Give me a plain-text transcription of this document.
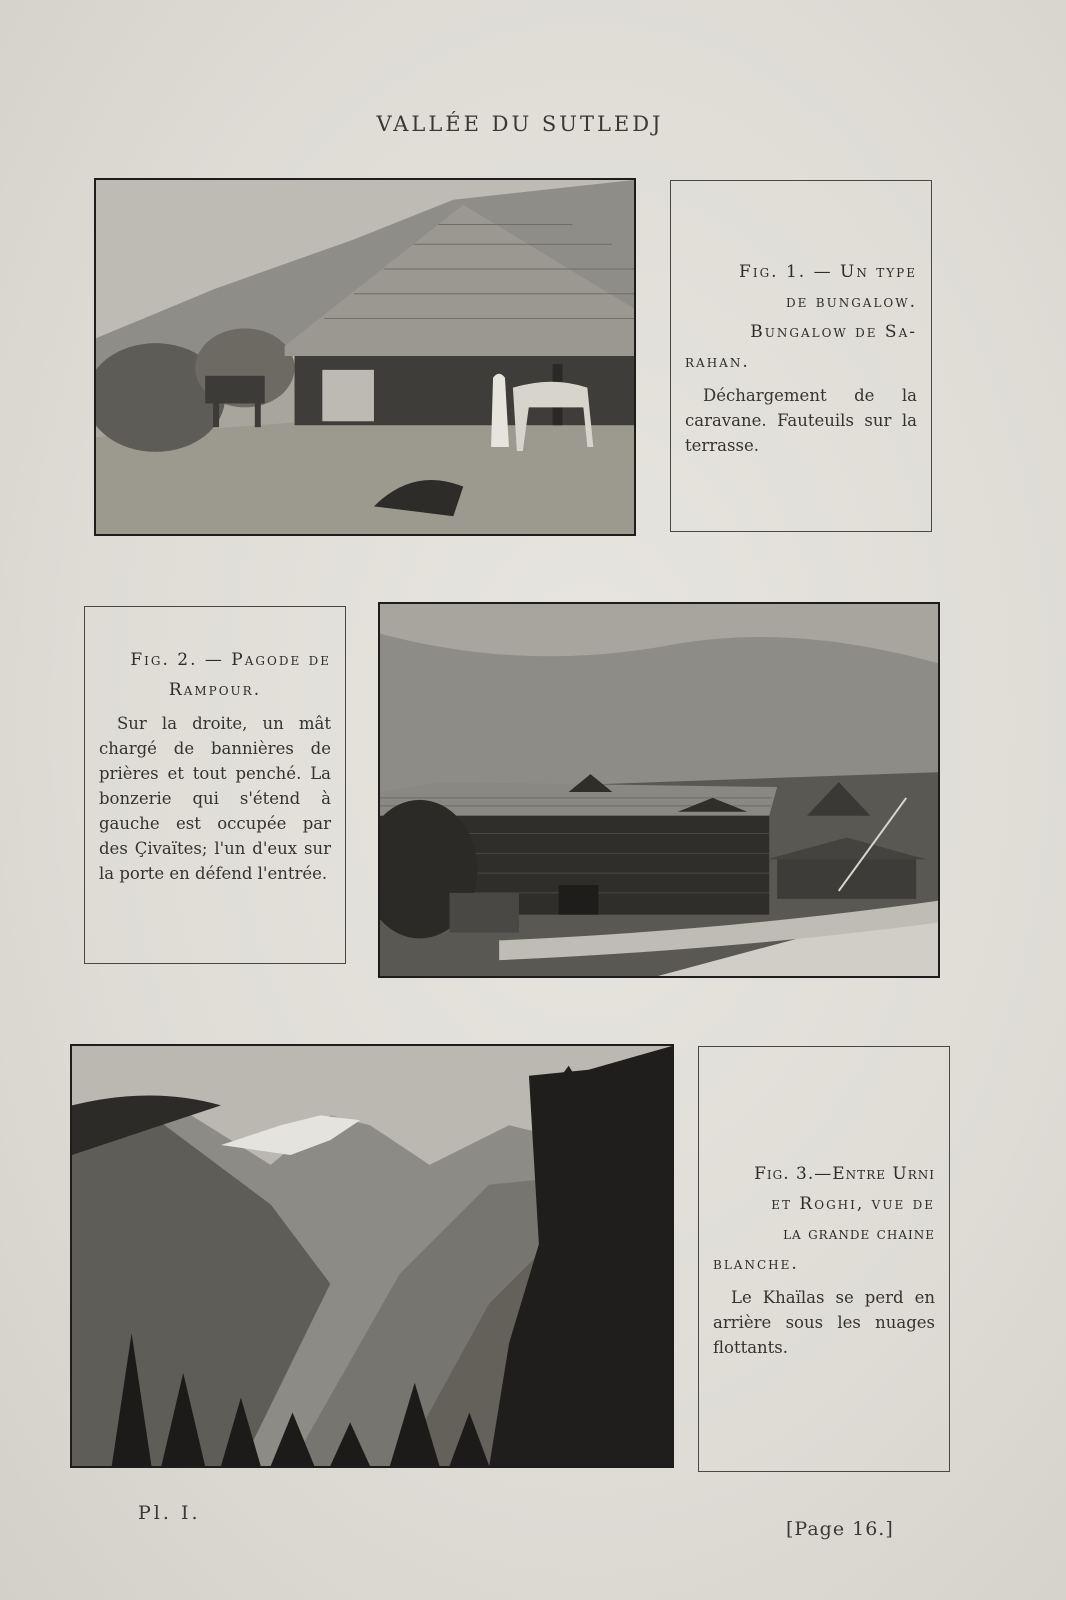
VALLÉE DU SUTLEDJ
Fig. 1. — Un type
de bungalow.
Bungalow de Sa-
rahan.
Déchargement de la caravane. Fauteuils sur la terrasse.
Fig. 2. — Pagode de
Rampour.
Sur la droite, un mât chargé de bannières de prières et tout penché. La bonzerie qui s'étend à gauche est occupée par des Çivaïtes; l'un d'eux sur la porte en défend l'entrée.
Fig. 3.—Entre Urni
et Roghi, vue de
la grande chaine
blanche.
Le Khaïlas se perd en arrière sous les nuages flottants.
Pl. I.
[Page 16.]
